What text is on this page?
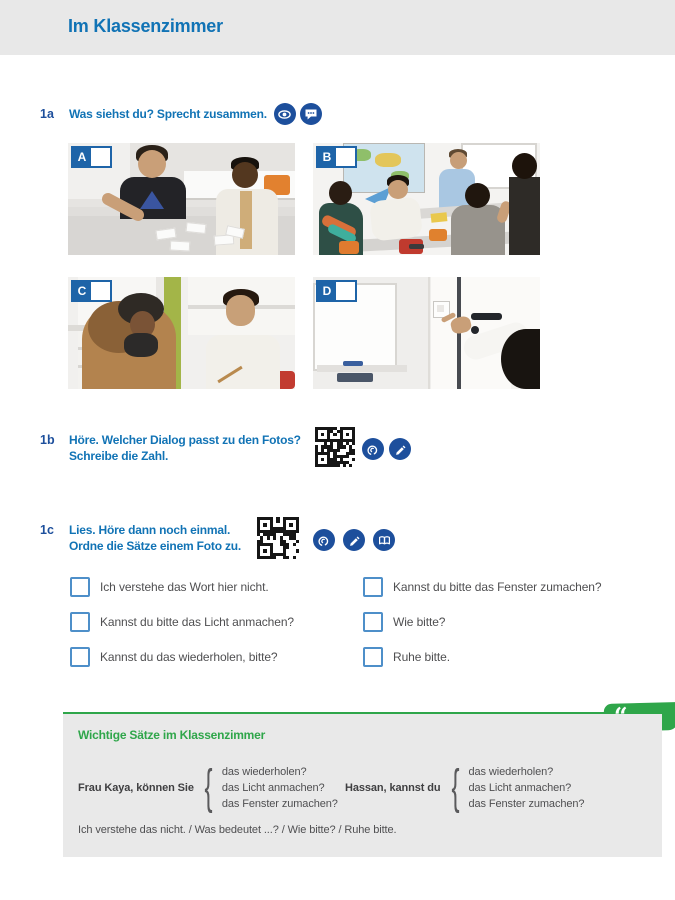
Im Klassenzimmer
1a	Was siehst du? Sprecht zusammen.

A	B
C	D
1b	Höre. Welcher Dialog passt zu den Fotos?

Schreibe die Zahl.

1c	Lies. Höre dann noch einmal.

Ordne die Sätze einem Foto zu.

Ich verstehe das Wort hier nicht.
Kannst du bitte das Licht anmachen?
Kannst du das wiederholen, bitte?
Kannst du bitte das Fenster zumachen?
Wie bitte?
Ruhe bitte.
Wichtige Sätze im Klassenzimmer
Frau Kaya, können Sie { das wiederholen?

das Licht anmachen?

das Fenster zumachen?

Hassan, kannst du { das wiederholen?

das Licht anmachen?

das Fenster zumachen?

Ich verstehe das nicht. / Was bedeutet ...? / Wie bitte? / Ruhe bitte.
